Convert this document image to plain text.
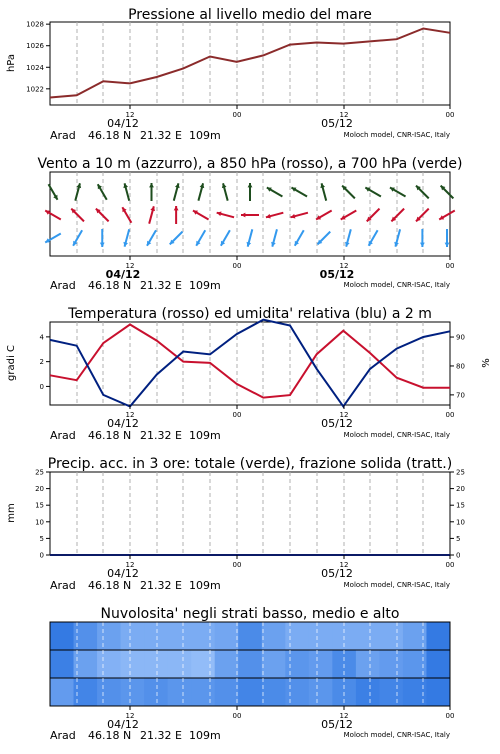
Pressione al livello medio del mare
1022
1024
1026
1028
hPa
12	00	12	00
04/12	05/12
Arad 46.18 N 21.32 E 109m	Moloch model, CNR-ISAC, Italy
Vento a 10 m (azzurro), a 850 hPa (rosso), a 700 hPa (verde)
12	00	12	00
04/12	05/12
Arad 46.18 N 21.32 E 109m	Moloch model, CNR-ISAC, Italy
Temperatura (rosso) ed umidita' relativa (blu) a 2 m
0
2
4
70
80
90
gradi C	%
12	00	12	00
04/12	05/12
Arad 46.18 N 21.32 E 109m	Moloch model, CNR-ISAC, Italy
Precip. acc. in 3 ore: totale (verde), frazione solida (tratt.)
0
5
10
15
20
25
0
5
10
15
20
25
mm
12	00	12	00
04/12	05/12
Arad 46.18 N 21.32 E 109m	Moloch model, CNR-ISAC, Italy
Nuvolosita' negli strati basso, medio e alto
12	00	12	00
04/12	05/12
Arad 46.18 N 21.32 E 109m	Moloch model, CNR-ISAC, Italy
